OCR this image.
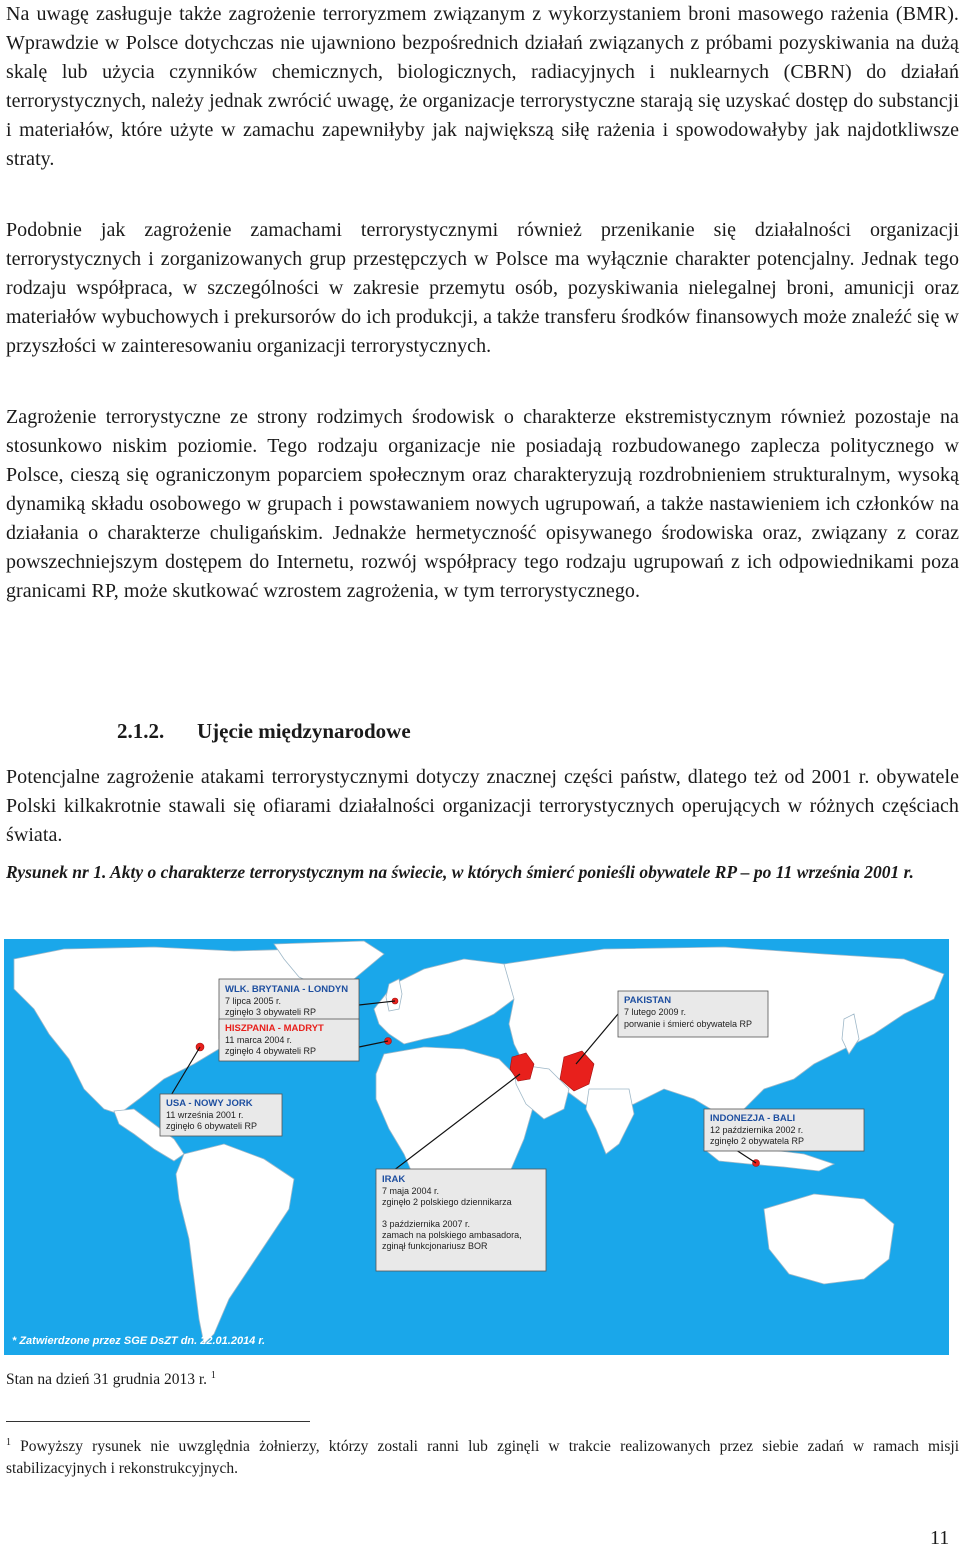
Na uwagę zasługuje także zagrożenie terroryzmem związanym z wykorzystaniem broni masowego rażenia (BMR). Wprawdzie w Polsce dotychczas nie ujawniono bezpośrednich działań związanych z próbami pozyskiwania na dużą skalę lub użycia czynników chemicznych, biologicznych, radiacyjnych i nuklearnych (CBRN) do działań terrorystycznych, należy jednak zwrócić uwagę, że organizacje terrorystyczne starają się uzyskać dostęp do substancji i materiałów, które użyte w zamachu zapewniłyby jak największą siłę rażenia i spowodowałyby jak najdotkliwsze straty.

Podobnie jak zagrożenie zamachami terrorystycznymi również przenikanie się działalności organizacji terrorystycznych i zorganizowanych grup przestępczych w Polsce ma wyłącznie charakter potencjalny. Jednak tego rodzaju współpraca, w szczególności w zakresie przemytu osób, pozyskiwania nielegalnej broni, amunicji oraz materiałów wybuchowych i prekursorów do ich produkcji, a także transferu środków finansowych może znaleźć się w przyszłości w zainteresowaniu organizacji terrorystycznych.

Zagrożenie terrorystyczne ze strony rodzimych środowisk o charakterze ekstremistycznym również pozostaje na stosunkowo niskim poziomie. Tego rodzaju organizacje nie posiadają rozbudowanego zaplecza politycznego w Polsce, cieszą się ograniczonym poparciem społecznym oraz charakteryzują rozdrobnieniem strukturalnym, wysoką dynamiką składu osobowego w grupach i powstawaniem nowych ugrupowań, a także nastawieniem ich członków na działania o charakterze chuligańskim. Jednakże hermetyczność opisywanego środowiska oraz, związany z coraz powszechniejszym dostępem do Internetu, rozwój współpracy tego rodzaju ugrupowań z ich odpowiednikami poza granicami RP, może skutkować wzrostem zagrożenia, w tym terrorystycznego.

2.1.2. Ujęcie międzynarodowe

Potencjalne zagrożenie atakami terrorystycznymi dotyczy znacznej części państw, dlatego też od 2001 r. obywatele Polski kilkakrotnie stawali się ofiarami działalności organizacji terrorystycznych operujących w różnych częściach świata.

Rysunek nr 1. Akty o charakterze terrorystycznym na świecie, w których śmierć ponieśli obywatele RP – po 11 września 2001 r.

WLK. BRYTANIA - LONDYN
7 lipca 2005 r.
zginęło 3 obywateli RP
HISZPANIA - MADRYT
11 marca 2004 r.
zginęło 4 obywateli RP
USA - NOWY JORK
11 września 2001 r.
zginęło 6 obywateli RP
PAKISTAN
7 lutego 2009 r.
porwanie i śmierć obywatela RP
IRAK
7 maja 2004 r.
zginęło 2 polskiego dziennikarza
3 października 2007 r.
zamach na polskiego ambasadora,
zginął funkcjonariusz BOR
INDONEZJA - BALI
12 października 2002 r.
zginęło 2 obywatela RP
* Zatwierdzone przez SGE DsZT dn. 22.01.2014 r.

Stan na dzień 31 grudnia 2013 r. $^1$

$^1$ Powyższy rysunek nie uwzględnia żołnierzy, którzy zostali ranni lub zginęli w trakcie realizowanych przez siebie zadań w ramach misji stabilizacyjnych i rekonstrukcyjnych.

11
